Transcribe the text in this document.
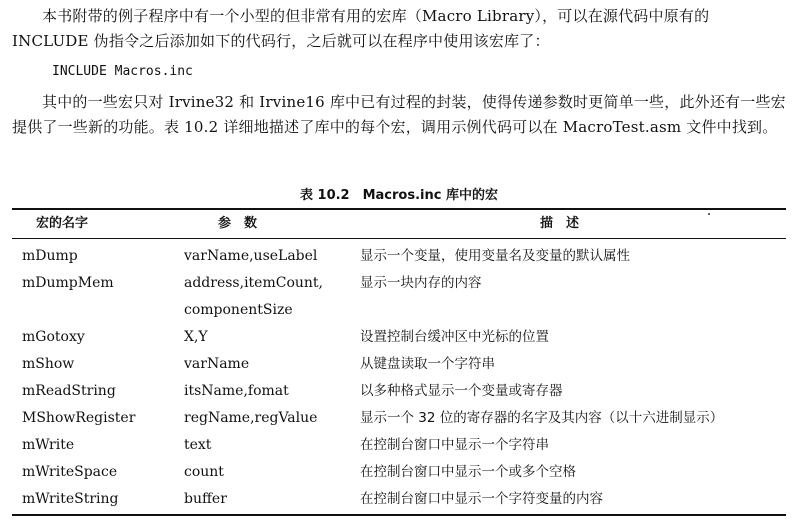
本书附带的例子程序中有一个小型的但非常有用的宏库（Macro Library），可以在源代码中原有的 INCLUDE 伪指令之后添加如下的代码行，之后就可以在程序中使用该宏库了：

INCLUDE Macros.inc

其中的一些宏只对 Irvine32 和 Irvine16 库中已有过程的封装，使得传递参数时更简单一些，此外还有一些宏提供了一些新的功能。表 10.2 详细地描述了库中的每个宏，调用示例代码可以在 MacroTest.asm 文件中找到。

表 10.2　Macros.inc 库中的宏
宏的名字	参　数	描　述
mDump	varName,useLabel	显示一个变量，使用变量名及变量的默认属性
mDumpMem	address,itemCount,	显示一块内存的内容
componentSize
mGotoxy	X,Y	设置控制台缓冲区中光标的位置
mShow	varName	从键盘读取一个字符串
mReadString	itsName,fomat	以多种格式显示一个变量或寄存器
MShowRegister	regName,regValue	显示一个 32 位的寄存器的名字及其内容（以十六进制显示）
mWrite	text	在控制台窗口中显示一个字符串
mWriteSpace	count	在控制台窗口中显示一个或多个空格
mWriteString	buffer	在控制台窗口中显示一个字符变量的内容
